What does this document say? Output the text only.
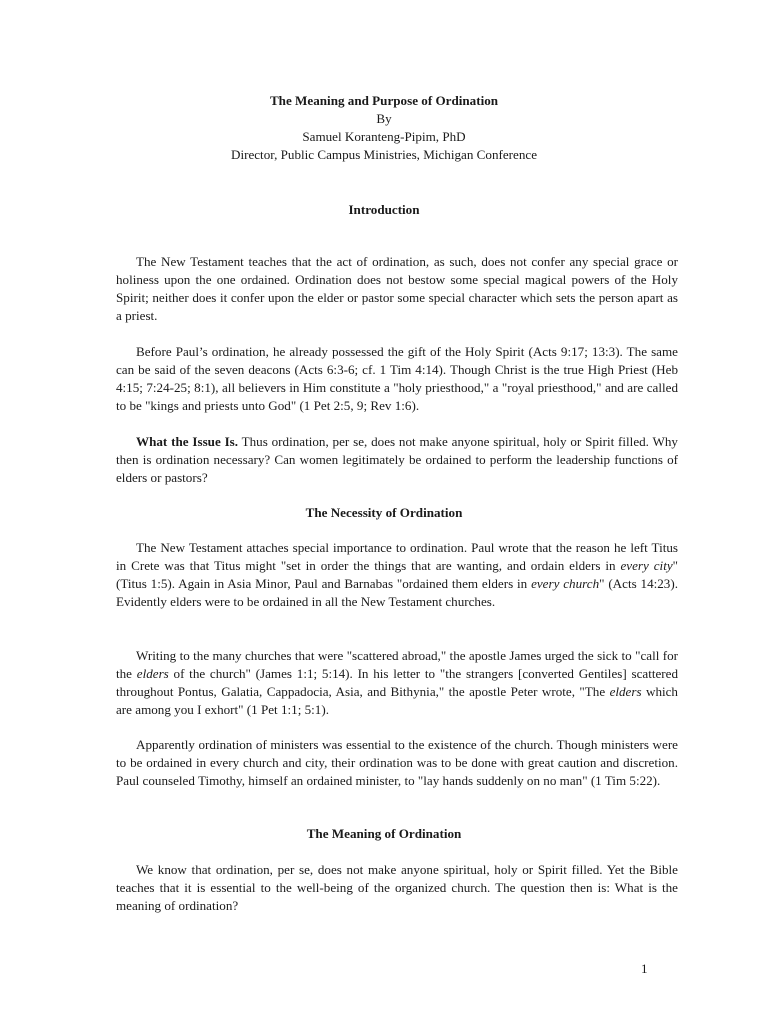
The Meaning and Purpose of Ordination
By
Samuel Koranteng-Pipim, PhD
Director, Public Campus Ministries, Michigan Conference
Introduction
The New Testament teaches that the act of ordination, as such, does not confer any special grace or holiness upon the one ordained. Ordination does not bestow some special magical powers of the Holy Spirit; neither does it confer upon the elder or pastor some special character which sets the person apart as a priest.
Before Paul’s ordination, he already possessed the gift of the Holy Spirit (Acts 9:17; 13:3). The same can be said of the seven deacons (Acts 6:3-6; cf. 1 Tim 4:14). Though Christ is the true High Priest (Heb 4:15; 7:24-25; 8:1), all believers in Him constitute a "holy priesthood," a "royal priesthood," and are called to be "kings and priests unto God" (1 Pet 2:5, 9; Rev 1:6).
What the Issue Is. Thus ordination, per se, does not make anyone spiritual, holy or Spirit filled. Why then is ordination necessary? Can women legitimately be ordained to perform the leadership functions of elders or pastors?
The Necessity of Ordination
The New Testament attaches special importance to ordination. Paul wrote that the reason he left Titus in Crete was that Titus might "set in order the things that are wanting, and ordain elders in every city" (Titus 1:5). Again in Asia Minor, Paul and Barnabas "ordained them elders in every church" (Acts 14:23). Evidently elders were to be ordained in all the New Testament churches.
Writing to the many churches that were "scattered abroad," the apostle James urged the sick to "call for the elders of the church" (James 1:1; 5:14). In his letter to "the strangers [converted Gentiles] scattered throughout Pontus, Galatia, Cappadocia, Asia, and Bithynia," the apostle Peter wrote, "The elders which are among you I exhort" (1 Pet 1:1; 5:1).
Apparently ordination of ministers was essential to the existence of the church. Though ministers were to be ordained in every church and city, their ordination was to be done with great caution and discretion. Paul counseled Timothy, himself an ordained minister, to "lay hands suddenly on no man" (1 Tim 5:22).
The Meaning of Ordination
We know that ordination, per se, does not make anyone spiritual, holy or Spirit filled. Yet the Bible teaches that it is essential to the well-being of the organized church. The question then is: What is the meaning of ordination?
1
